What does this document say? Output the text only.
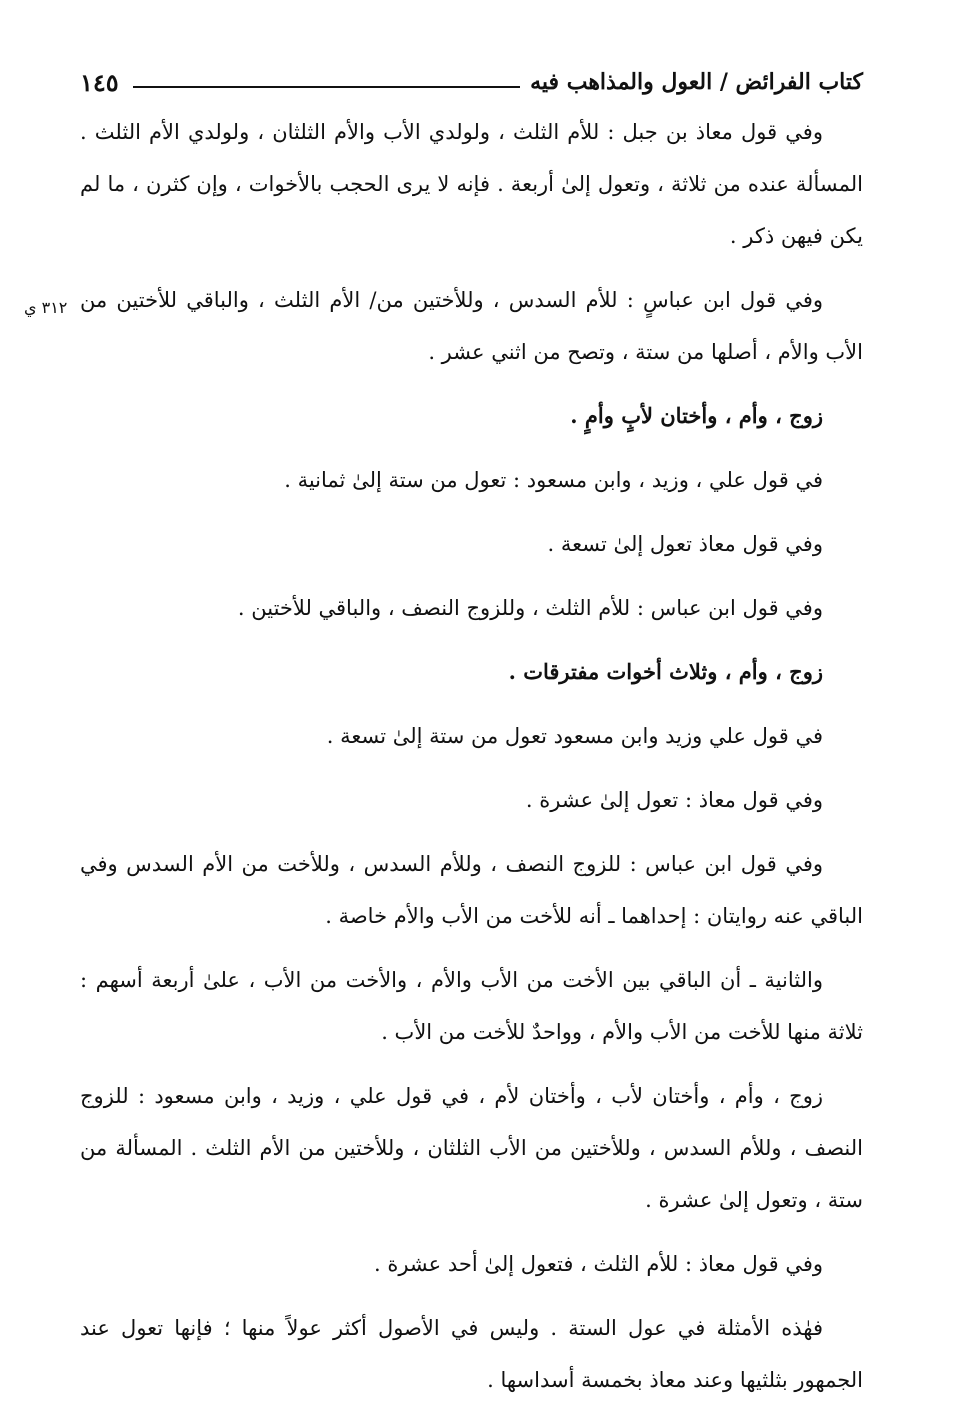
كتاب الفرائض / العول والمذاهب فيه
١٤٥

وفي قول معاذ بن جبل : للأم الثلث ، ولولدي الأب والأم الثلثان ، ولولدي الأم الثلث . المسألة عنده من ثلاثة ، وتعول إلىٰ أربعة . فإنه لا يرى الحجب بالأخوات ، وإن كثرن ، ما لم يكن فيهن ذكر .

وفي قول ابن عباسٍ : للأم السدس ، وللأختين من/ الأم الثلث ، والباقي للأختين من الأب والأم ، أصلها من ستة ، وتصح من اثني عشر .

زوج ، وأم ، وأختان لأبٍ وأمٍ .

في قول علي ، وزيد ، وابن مسعود : تعول من ستة إلىٰ ثمانية .

وفي قول معاذ تعول إلىٰ تسعة .

وفي قول ابن عباس : للأم الثلث ، وللزوج النصف ، والباقي للأختين .

زوج ، وأم ، وثلاث أخوات مفترقات .

في قول علي وزيد وابن مسعود تعول من ستة إلىٰ تسعة .

وفي قول معاذ : تعول إلىٰ عشرة .

وفي قول ابن عباس : للزوج النصف ، وللأم السدس ، وللأخت من الأم السدس وفي الباقي عنه روايتان : إحداهما ـ أنه للأخت من الأب والأم خاصة .

والثانية ـ أن الباقي بين الأخت من الأب والأم ، والأخت من الأب ، علىٰ أربعة أسهم : ثلاثة منها للأخت من الأب والأم ، وواحدٌ للأخت من الأب .

زوج ، وأم ، وأختان لأب ، وأختان لأم ، في قول علي ، وزيد ، وابن مسعود : للزوج النصف ، وللأم السدس ، وللأختين من الأب الثلثان ، وللأختين من الأم الثلث . المسألة من ستة ، وتعول إلىٰ عشرة .

وفي قول معاذ : للأم الثلث ، فتعول إلىٰ أحد عشرة .

فهٰذه الأمثلة في عول الستة . وليس في الأصول أكثر عولاً منها ؛ فإنها تعول عند الجمهور بثلثيها وعند معاذ بخمسة أسداسها .

٣١٢ ي
